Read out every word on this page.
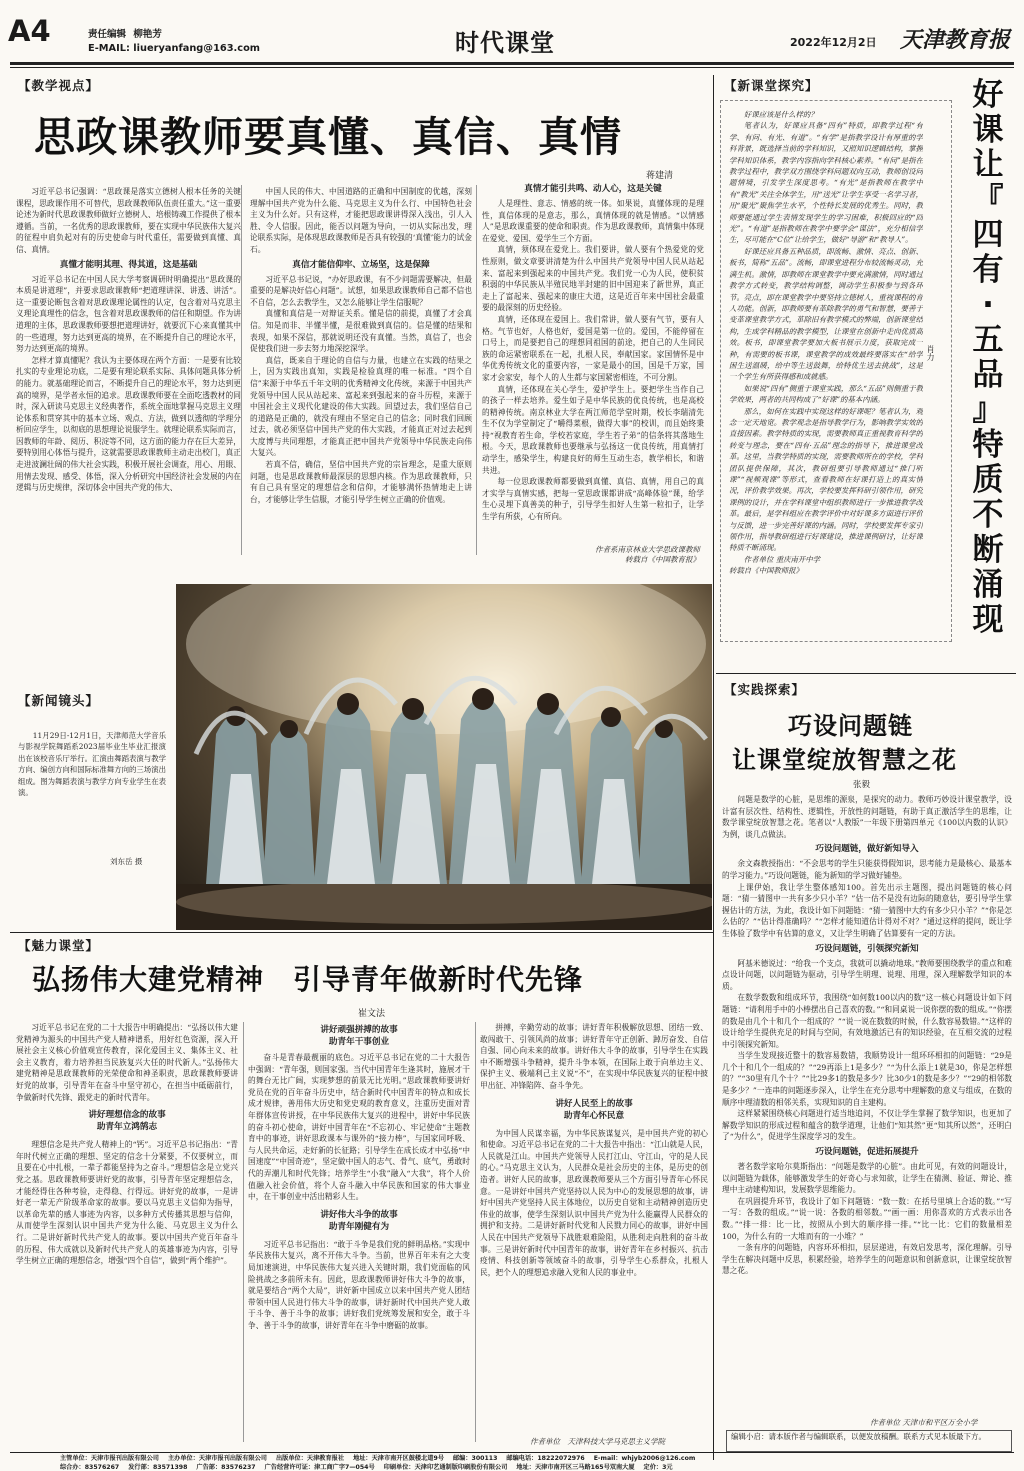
A4	责任编辑 柳艳芳
E-MAIL: liueryanfang@163.com	时代课堂	2022年12月2日 天津教育报
【教学视点】
思政课教师要真懂、真信、真情
蒋建清

习近平总书记强调：“思政课是落实立德树人根本任务的关键课程，思政课作用不可替代，思政课教师队伍责任重大。”这一重要论述为新时代思政课教师做好立德树人、培根铸魂工作提供了根本遵循。当前，一名优秀的思政课教师，要在实现中华民族伟大复兴的征程中肩负起对有的历史使命与时代重任，需要做到真懂、真信、真情。

真懂才能明其理、得其道，这是基础

习近平总书记在中国人民大学考察调研时明确提出“思政课的本质是讲道理”，并要求思政课教师“把道理讲深、讲透、讲活”。这一重要论断包含着对思政课理论属性的认定，包含着对马克思主义理论真理性的信念，包含着对思政课教师的信任和期望。作为讲道理的主体，思政课教师要想把道理讲好，就要沉下心来真懂其中的一些道理，努力达到更高的境界，在不断提升自己的理论水平，努力达到更高的境界。

怎样才算真懂呢？我认为主要体现在两个方面：一是要有比较扎实的专业理论功底，二是要有理论联系实际、具体问题具体分析的能力。就基础理论而言，不断提升自己的理论水平，努力达到更高的境界，是学者永恒的追求。思政课教师要在全面吃透教材的同时，深入研读马克思主义经典著作，系统全面地掌握马克思主义理论体系和贯穿其中的基本立场、观点、方法，做到以透彻的学理分析回应学生，以彻底的思想理论说服学生。就理论联系实际而言，因教师的年龄、阅历、积淀等不同，这方面的能力存在巨大差异，要特别用心体悟与提升，这就需要思政课教师主动走出校门，真正走进波澜壮阔的伟大社会实践，积极开展社会调查，用心、用眼、用情去发现、感受、体悟，深入分析研究中国经济社会发展的内在逻辑与历史规律，深切体会中国共产党的伟大、

中国人民的伟大、中国道路的正确和中国制度的优越，深刻理解中国共产党为什么能、马克思主义为什么行、中国特色社会主义为什么好。只有这样，才能把思政课讲得深入浅出，引人入胜、令人信服。因此，能否以问题为导向，一切从实际出发，理论联系实际，是体现思政课教师是否具有较强的‘真懂’能力的试金石。

真信才能信仰牢、立场坚，这是保障

习近平总书记说，“办好思政课，有不少问题需要解决，但最重要的是解决好信心问题”。试想，如果思政课教师自己都不信也不自信，怎么去教学生，又怎么能够让学生信服呢？

真懂和真信是一对辩证关系。懂是信的前提，真懂了才会真信。知是而非、半懂半懂，是很难做到真信的。信是懂的结果和表现，如果不深信，那就说明还没有真懂。当然，真信了，也会促使我们进一步去努力地深挖深学。

真信，既来自于理论的自信与力量，也建立在实践的结果之上，因为实践出真知，实践是检验真理的唯一标准。“四个自信”来源于中华五千年文明的优秀精神文化传统，来源于中国共产党领导中国人民从站起来、富起来到强起来的奋斗历程，来源于中国社会主义现代化建设的伟大实践。回望过去，我们坚信自己的道路是正确的，就没有理由不坚定自己的信念；同时我们回顾过去，就必须坚信中国共产党的伟大实践，才能真正对过去起到大度博与共同理想，才能真正把中国共产党领导中华民族走向伟大复兴。

若真不信，确信，坚信中国共产党的宗旨理念，是重大原则问题，也是思政课教师最深层的思想内核。作为思政课教师，只有自己具有坚定的理想信念和信仰，才能够满怀热情地走上讲台，才能够让学生信服，才能引导学生树立正确的价值观。

真情才能引共鸣、动人心，这是关键

人是理性、意志、情感的统一体。如果说，真懂体现的是理性，真信体现的是意志，那么，真情体现的就是情感。“以情感人”是思政课重要的使命和职责。作为思政课教师，真情集中体现在爱党、爱国、爱学生三个方面。

真情，须体现在爱党上。我们要讲，做人要有个热爱党的党性原则，做文章要讲清楚为什么中国共产党领导中国人民从站起来、富起来到强起来的中国共产党。我们党一心为人民，使积贫积弱的中华民族从半殖民地半封建的旧中国迎来了新世界，真正走上了富起来、强起来的康庄大道，这是近百年来中国社会最重要的最深刻的历史经验。

真情，还体现在爱国上。我们常讲，做人要有气节，要有人格。气节也好，人格也好，爱国是第一位的。爱国，不能停留在口号上，而是要把自己的理想同祖国的前途，把自己的人生同民族的命运紧密联系在一起，扎根人民，奉献国家。家国情怀是中华优秀传统文化的重要内容，一家是最小的国，国是千万家，国家才会家安，每个人的人生都与家国紧密相连，不可分割。

真情，还体现在关心学生，爱护学生上。要把学生当作自己的孩子一样去培养。爱生如子是中华民族的优良传统，也是高校的精神传统。南京林业大学在两江师范学堂时期，校长李瑞清先生不仅为学堂制定了“嚼得菜根，做得大事”的校训，而且始终秉持“视教育若生命，学校若家庭，学生若子弟”的信条将其落地生根。今天，思政课教师也要继承与弘扬这一优良传统，用真情打动学生，感染学生，构建良好的师生互动生态，教学相长，和谐共进。

每一位思政课教师都要做到真懂、真信、真情，用自己的真才实学与真情实感，把每一堂思政课都讲成“高峰体验”课，给学生心灵埋下真善美的种子，引导学生扣好人生第一粒扣子，让学生学有所获，心有所向。

作者系南京林业大学思政课教师
转载自《中国教育报》
【新闻镜头】
11月29日-12月1日，天津师范大学音乐与影视学院舞蹈系2023届毕业生毕业汇报演出在该校音乐厅举行。汇演由舞蹈表演与教学方向、编创方向和国际标准舞方向的三场演出组成。图为舞蹈表演与教学方向专业学生在表演。
刘东岳 摄
【魅力课堂】
弘扬伟大建党精神　引导青年做新时代先锋
崔文法

习近平总书记在党的二十大报告中明确提出：“弘扬以伟大建党精神为源头的中国共产党人精神谱系，用好红色资源，深入开展社会主义核心价值观宣传教育，深化爱国主义、集体主义、社会主义教育，着力培养担当民族复兴大任的时代新人。”弘扬伟大建党精神是思政课教师的光荣使命和神圣职责，思政课教师要讲好党的故事，引导青年在奋斗中坚守初心，在担当中砥砺前行，争做新时代先锋、跟党走的新时代青年。

讲好理想信念的故事
助青年立鸿鹄志

理想信念是共产党人精神上的“钙”。习近平总书记指出：“青年时代树立正确的理想、坚定的信念十分紧要，不仅要树立，而且要在心中扎根，一辈子都能坚持为之奋斗。”理想信念是立党兴党之基。思政课教师要讲好党的故事，引导青年坚定理想信念，才能经得住各种考验，走得稳、行得远。讲好党的故事，一是讲好老一辈无产阶级革命家的故事。要以马克思主义信仰为指导，以革命先辈的感人事迹为内容，以多种方式传播其思想与信仰，从而使学生深刻认识中国共产党为什么能、马克思主义为什么行。二是讲好新时代共产党人的故事。要以中国共产党百年奋斗的历程、伟大成就以及新时代共产党人的英雄事迹为内容，引导学生树立正确的理想信念，增强“四个自信”，做到“两个维护”。

讲好顽强拼搏的故事
助青年干事创业

奋斗是青春最靓丽的底色。习近平总书记在党的二十大报告中强调：“青年强，则国家强。当代中国青年生逢其时，施展才干的舞台无比广阔，实现梦想的前景无比光明。”思政课教师要讲好党员在党的百年奋斗历史中，结合新时代中国青年的特点和成长成才规律，善用伟大历史和党史观的教育意义，注重历史面对青年群体宣传讲授，在中华民族伟大复兴的进程中，讲好中华民族的奋斗初心使命，讲好中国青年在“不忘初心、牢记使命”主题教育中的事迹，讲好思政课本与课外的“接力棒”，与国家同呼吸、与人民共命运，走好新的长征路；引导学生在成长成才中弘扬“中国速度”“中国奇迹”，坚定做中国人的志气、骨气、底气，勇敢时代的弄潮儿和时代先锋；培养学生“小我”融入“大我”，将个人价值融入社会价值，将个人奋斗融入中华民族和国家的伟大事业中，在干事创业中活出精彩人生。

讲好伟大斗争的故事
助青年刚健有为

习近平总书记指出：“敢于斗争是我们党的鲜明品格。”实现中华民族伟大复兴，离不开伟大斗争。当前，世界百年未有之大变局加速演进，中华民族伟大复兴进入关键时期，我们党面临的风险挑战之多前所未有。因此，思政课教师讲好伟大斗争的故事，就是要结合“两个大局”，讲好新中国成立以来中国共产党人团结带领中国人民进行伟大斗争的故事，讲好新时代中国共产党人敢于斗争、善于斗争的故事；讲好我们党统筹发展和安全，敢于斗争、善于斗争的故事，讲好青年在斗争中磨砺的故事。

拼搏，辛勤劳动的故事；讲好青年积极解放思想、团结一致、敢闯敢干、引领风尚的故事；讲好青年守正创新、踔厉奋发、自信自强、同心向未来的故事。讲好伟大斗争的故事，引导学生在实践中不断增强斗争精神，提升斗争本领，在国际上敢于向单边主义、保护主义、极端利己主义说“不”，在实现中华民族复兴的征程中披甲出征、冲锋陷阵、奋斗争先。

讲好人民至上的故事
助青年心怀民意

为中国人民谋幸福，为中华民族谋复兴，是中国共产党的初心和使命。习近平总书记在党的二十大报告中指出：“江山就是人民，人民就是江山。中国共产党领导人民打江山、守江山，守的是人民的心。”马克思主义认为，人民群众是社会历史的主体，是历史的创造者。讲好人民的故事，思政课教师要从三个方面引导青年心怀民意。一是讲好中国共产党坚持以人民为中心的发展思想的故事，讲好中国共产党坚持人民主体地位，以历史自觉和主动精神创造历史伟业的故事，使学生深刻认识中国共产党为什么能赢得人民群众的拥护和支持。二是讲好新时代党和人民戮力同心的故事，讲好中国人民在中国共产党领导下战胜艰难险阻，从胜利走向胜利的奋斗故事。三是讲好新时代中国青年的故事，讲好青年在乡村振兴、抗击疫情、科技创新等领域奋斗的故事，引导学生心系群众，扎根人民，把个人的理想追求融入党和人民的事业中。

作者单位　天津科技大学马克思主义学院
【新课堂探究】

好课应该是什么样的？

笔者认为，好课应具备“四有”特质，即教学过程“有学、有问、有光、有道”。“有学”是指教学设计有厚重的学科背景，既选择当前的学科知识，又照知识逻辑结构，掌握学科知识体系，教学内容指向学科核心素养。“有问”是指在教学过程中，教学双方围绕学科问题双向互动，教师创设问题情境，引发学生深度思考。“有光”是指教师在教学中有“教光”关注全体学生，用“送光”让学生享受一名学习者，用“聚光”聚焦学生水平，个性特长发展的优秀生。同时，教师要能通过学生表情发现学生的学习困难，积极回应的“回光”。“有道”是指教师在教学中要学会“谋法”，充分相信学生，尽可能在“C位”让给学生，做好“导游”和“教导人”。

好课还应具备五种品质，即流畅、激情、亮点、创新、板书，简称“五品”。流畅，即课堂进程分布较流畅灵动，充满生机。激情，即教师在课堂教学中要充满激情，同时通过教学方式转变，教学结构调整，调动学生积极参与到各环节。亮点，即在课堂教学中要坚持立德树人，重视课程的育人功能。创新，即教师要有革除教学的勇气和智慧，要善于变革课堂教学方式，革除旧有教学模式的弊端，创新课堂结构，生成学科精品的教学模型，让课堂在创新中走向优质高效。板书，即课堂教学要加大板书展示力度，获取完成一种，有需要的板书课，课堂教学的成效最终要落实在“给学困生送温暖，给中等生送鼓舞，给特优生送去挑战”，这是一个学生有所获得感和成就感。

如果说“四有”侧重于课堂实践，那么“五品”则侧重于教学效果，两者的共同构成了“好课”的基本内涵。

那么，如何在实践中实现这样的好课呢？笔者认为，观念一定天地宽。教学观念是指导教学行为，影响教学实效的直接因素。教学特质的实现，需要教师真正重视教育科学的转变与理念，要在“四有·五品”理念的指导下，推进课堂改革。这里，当教学特质的实现，需要教师所在的学校，学科团队提供保障，其次，教研组要引导教师通过“推门听课”“视频观课”等形式，查看教师在好课打造上的真实情况，评价教学效果。再次，学校要发挥科研引领作用，研究课例的设计，并在学科课堂中组织教师进行一步推进教学改革。最后，是学科组应在教学评价中对好课多方面进行评价与反馈，进一步完善好课的内涵。同时，学校要发挥专家引领作用，指导教研组进行好课建设，推进课例研讨，让好课特质不断涌现。

作者单位 重庆南开中学
转载自《中国教师报》

肖力
好
课
让
『
四
有
·
五
品
』
特
质
不
断
涌
现
【实践探索】
巧设问题链
让课堂绽放智慧之花
张毅

问题是数学的心脏，是思维的源泉，是探究的动力。教师巧妙设计课堂教学，设计富有层次性、结构性、逻辑性，开放性的问题链，有助于真正激活学生的思维，让数学课堂绽放智慧之花。笔者以“人教版”一年级下册第四单元《100以内数的认识》为例，谈几点做法。

巧设问题链，做好新知导入

余文森教授指出：“不会思考的学生只能获得假知识，思考能力是最核心、最基本的学习能力。”巧设问题链，能为新知的学习做好铺垫。

上课伊始，我让学生整体感知100。首先出示主题图，提出问题链的核心问题：“猜一猜图中一共有多少只小羊？”估一估不是没有边际的随意估，要引导学生掌握估计的方法，为此，我设计如下问题链：“猜一猜图中大约有多少只小羊？”“你是怎么估的？”“估计得准确吗？”“怎样才能知道估计得对不对？”通过这样的提问，既让学生体验了数学中有估算的意义，又让学生明确了估算要有一定的方法。

巧设问题链，引领探究新知

阿基米德说过：“给我一个支点，我就可以撬动地球。”教师要围绕教学的重点和难点设计问题，以问题链为驱动，引导学生明理、说理、用理，深入理解数学知识的本质。

在数学数数和组成环节，我围绕“如何数100以内的数”这一核心问题设计如下问题链：“请利用手中的小棒摆出自己喜欢的数。”“和同桌说一说你摆的数的组成。”“你摆的数是由几个十和几个一组成的？”“说一说在数数的时候，什么数容易数错。”“这样的设计给学生提供充足的时间与空间，有效地激活已有的知识经验，在互相交流的过程中引领探究新知。

当学生发现接近整十的数容易数错，我顺势设计一组环环相扣的问题链：“29是几个十和几个一组成的？”“29再添上1是多少？”“为什么添上1就是30，你是怎样想的？”“30里有几个十？”“比29多1的数是多少？比30少1的数是多少？”“29的相邻数是多少？”一连串的问题逐步深入，让学生在充分思考中理解数的意义与组成，在数的顺序中理清数的相邻关系，实现知识的自主建构。

这样紧紧围绕核心问题进行适当地追问，不仅让学生掌握了数学知识，也更加了解数学知识的形成过程和蕴含的数学道理，让他们“知其然”更“知其所以然”，还明白了“为什么”，促进学生深度学习的发生。

巧设问题链，促进拓展提升

著名数学家哈尔莫斯指出：“问题是数学的心脏”。由此可见，有效的问题设计，以问题链为载体，能够激发学生的好奇心与求知欲，让学生在猜测、验证、辩论、推理中主动建构知识，发展数学思维能力。

在巩固提升环节，我设计了如下问题链：“数一数：在括号里填上合适的数。”“写一写：各数的组成。”“说一说：各数的相邻数。”“画一画：用你喜欢的方式表示出各数。”“排一排：比一比，按照从小到大的顺序排一排。”“比一比：它们的数量相差100，为什么有的一大堆而有的一小堆？”

一条有序的问题链，内容环环相扣，层层递进，有效启发思考，深化理解。引导学生在解决问题中反思，积累经验，培养学生的问题意识和创新意识，让课堂绽放智慧之花。

作者单位 天津市和平区万全小学
编辑小启：请本版作者与编辑联系，以便发放稿酬。联系方式见本版最下方。
主管单位：天津市报刊出版有限公司 主办单位：天津市报刊出版有限公司 出版单位：天津教育报社 地址：天津市南开区鼓楼北道9号 邮编：300113 邮编电话：18222072976 E-mail：whjyb2006@126.com
综合办：83576267 发行部：83571398 广告部：83576237 广告经营许可证：津工商广字7—054号 印刷单位：天津印艺通制版印刷股份有限公司 地址：天津市南开区三马路165号双南大厦 定价：3元
